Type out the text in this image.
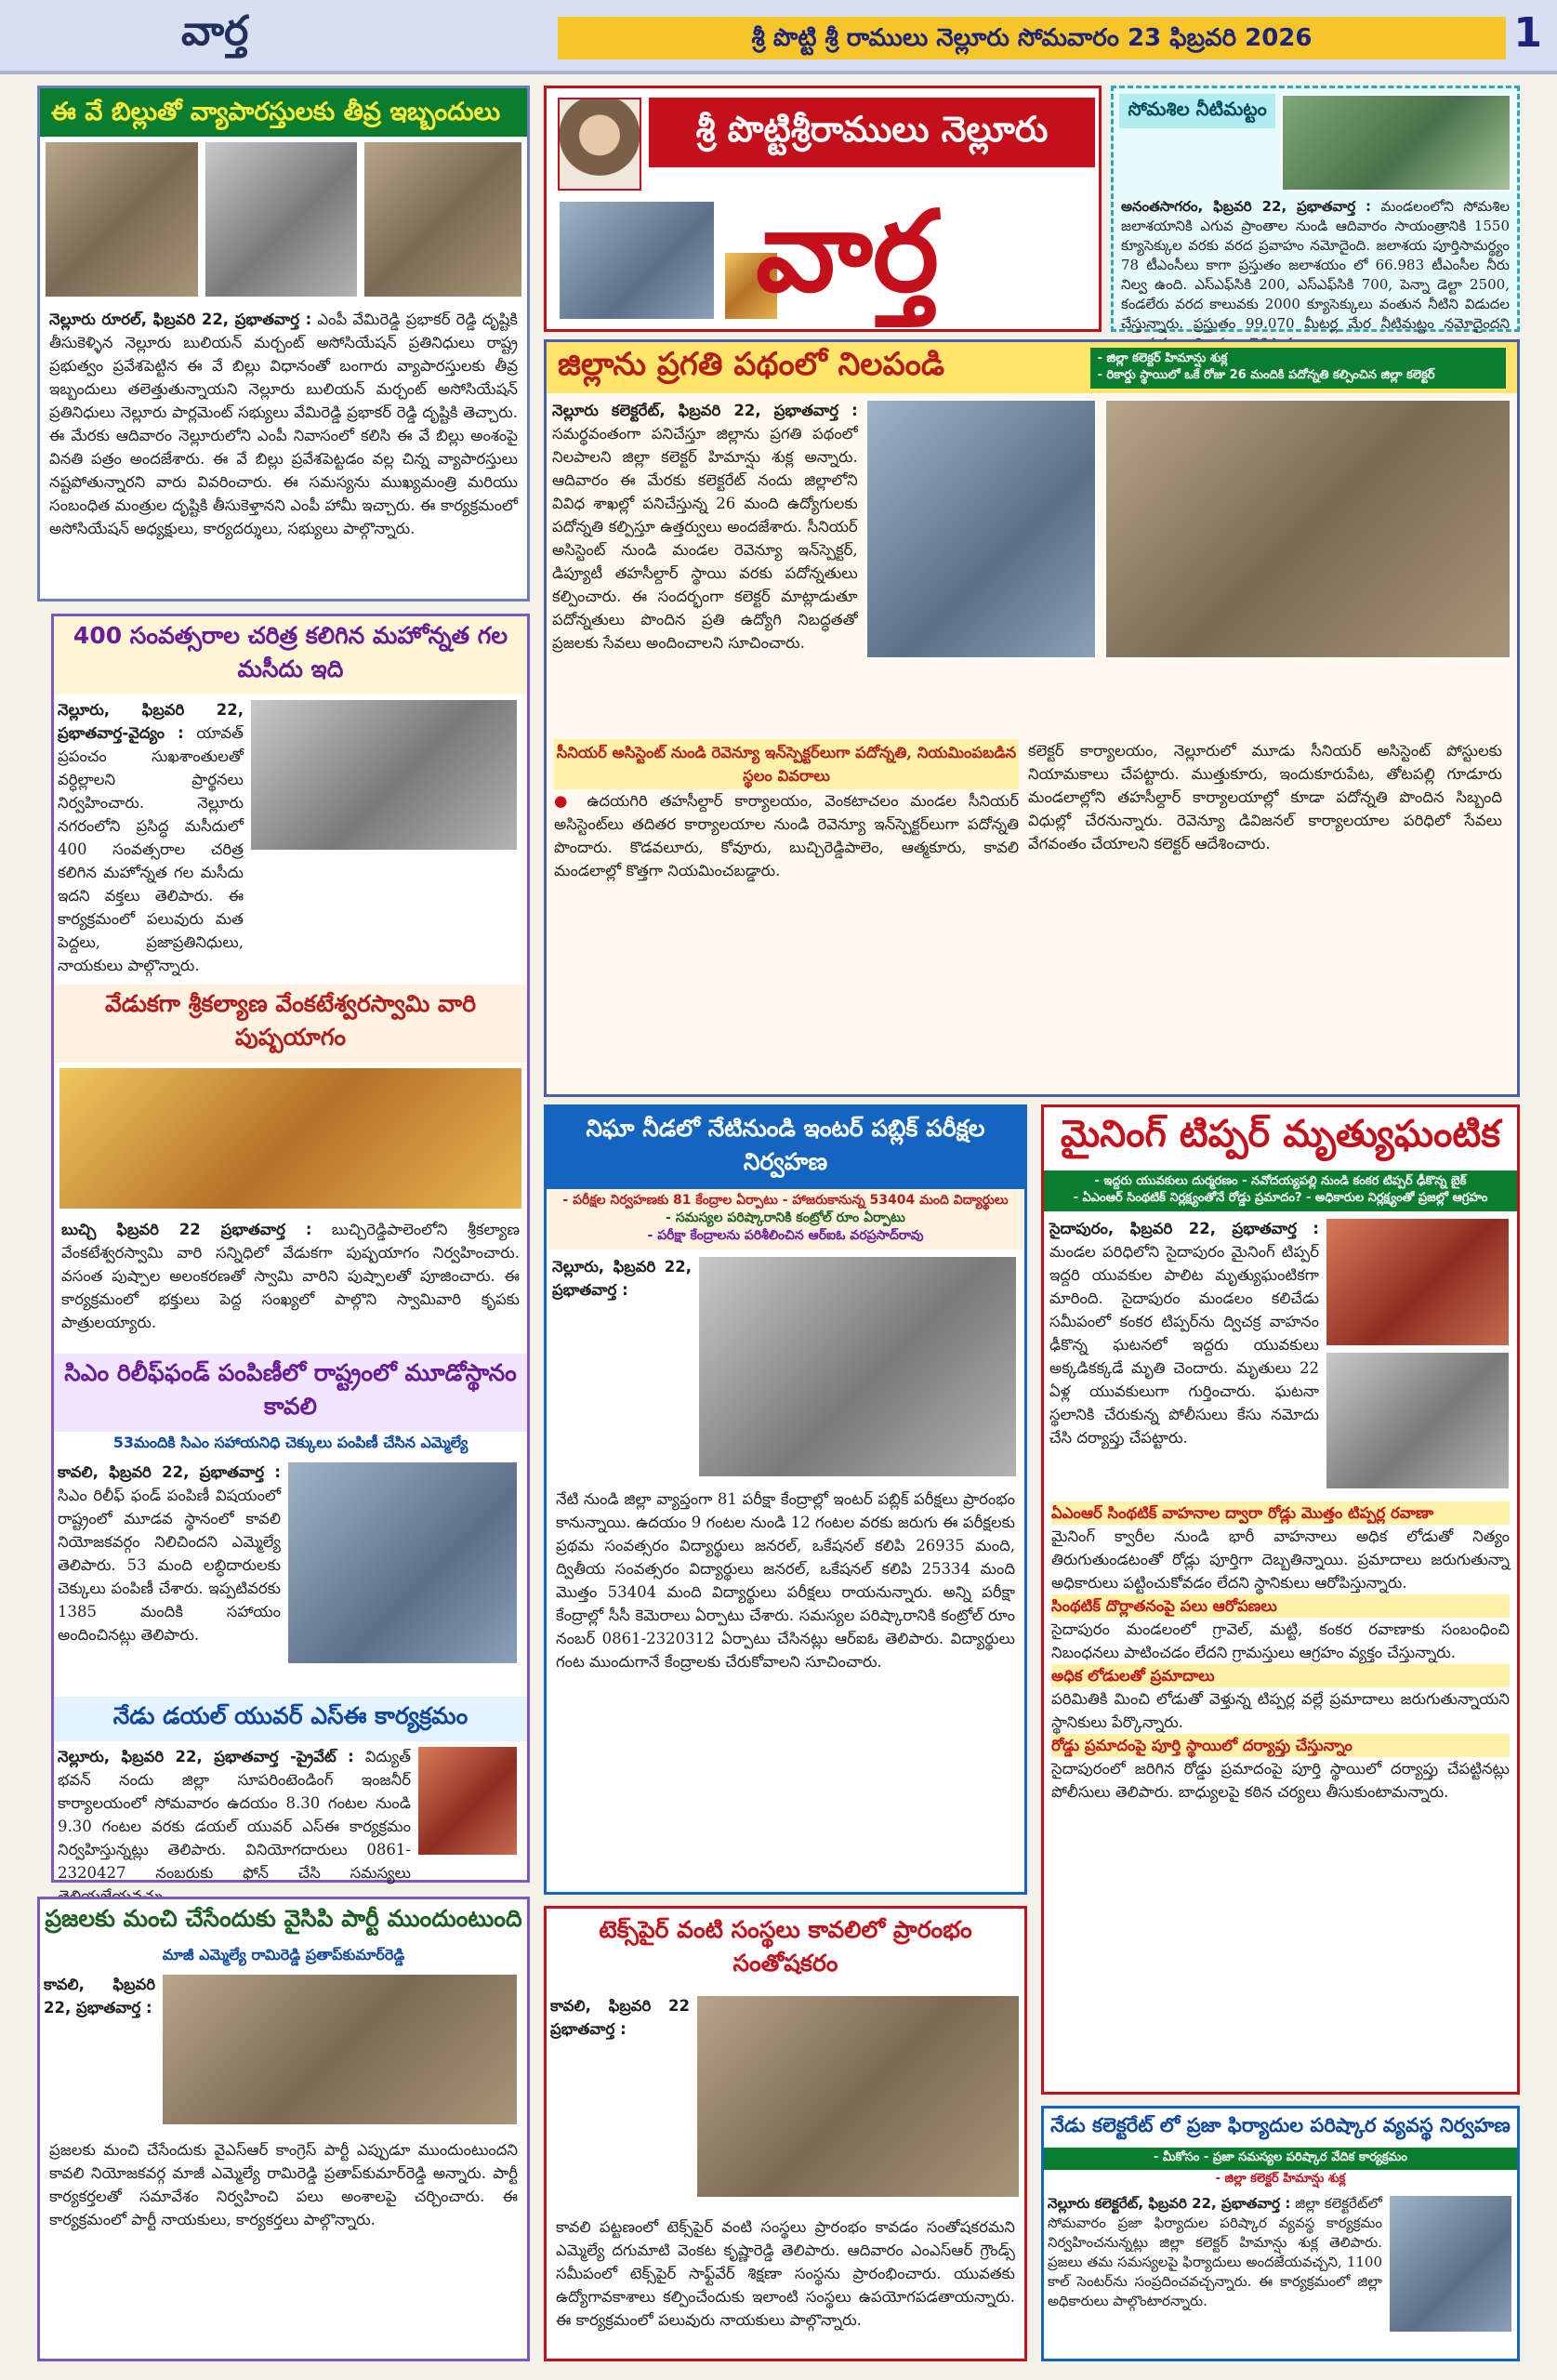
వార్త	శ్రీ పొట్టి శ్రీ రాములు నెల్లూరు సోమవారం 23 ఫిబ్రవరి 2026	1
ఈ వే బిల్లుతో వ్యాపారస్తులకు తీవ్ర ఇబ్బందులు
నెల్లూరు రూరల్, ఫిబ్రవరి 22, ప్రభాతవార్త : ఎంపీ వేమిరెడ్డి ప్రభాకర్ రెడ్డి దృష్టికి తీసుకెళ్ళిన నెల్లూరు బులియన్ మర్చంట్ అసోసియేషన్ ప్రతినిధులు రాష్ట్ర ప్రభుత్వం ప్రవేశపెట్టిన ఈ వే బిల్లు విధానంతో బంగారు వ్యాపారస్తులకు తీవ్ర ఇబ్బందులు తలెత్తుతున్నాయని నెల్లూరు బులియన్ మర్చంట్ అసోసియేషన్ ప్రతినిధులు నెల్లూరు పార్లమెంట్ సభ్యులు వేమిరెడ్డి ప్రభాకర్ రెడ్డి దృష్టికి తెచ్చారు. ఈ మేరకు ఆదివారం నెల్లూరులోని ఎంపీ నివాసంలో కలిసి ఈ వే బిల్లు అంశంపై వినతి పత్రం అందజేశారు. ఈ వే బిల్లు ప్రవేశపెట్టడం వల్ల చిన్న వ్యాపారస్తులు నష్టపోతున్నారని వారు వివరించారు. ఈ సమస్యను ముఖ్యమంత్రి మరియు సంబంధిత మంత్రుల దృష్టికి తీసుకెళ్తానని ఎంపీ హామీ ఇచ్చారు. ఈ కార్యక్రమంలో అసోసియేషన్ అధ్యక్షులు, కార్యదర్శులు, సభ్యులు పాల్గొన్నారు.
400 సంవత్సరాల చరిత్ర కలిగిన మహోన్నత గల మసీదు ఇది
నెల్లూరు, ఫిబ్రవరి 22, ప్రభాతవార్త-వైద్యం : యావత్ ప్రపంచం సుఖశాంతులతో వర్ధిల్లాలని ప్రార్థనలు నిర్వహించారు. నెల్లూరు నగరంలోని ప్రసిద్ధ మసీదులో 400 సంవత్సరాల చరిత్ర కలిగిన మహోన్నత గల మసీదు ఇదని వక్తలు తెలిపారు. ఈ కార్యక్రమంలో పలువురు మత పెద్దలు, ప్రజాప్రతినిధులు, నాయకులు పాల్గొన్నారు.
వేడుకగా శ్రీకల్యాణ వేంకటేశ్వరస్వామి వారి పుష్పయాగం
బుచ్చి ఫిబ్రవరి 22 ప్రభాతవార్త : బుచ్చిరెడ్డిపాలెంలోని శ్రీకల్యాణ వేంకటేశ్వరస్వామి వారి సన్నిధిలో వేడుకగా పుష్పయాగం నిర్వహించారు. వసంత పుష్పాల అలంకరణతో స్వామి వారిని పుష్పాలతో పూజించారు. ఈ కార్యక్రమంలో భక్తులు పెద్ద సంఖ్యలో పాల్గొని స్వామివారి కృపకు పాత్రులయ్యారు.
సిఎం రిలీఫ్‌ఫండ్ పంపిణీలో రాష్ట్రంలో మూడోస్థానం కావలి
53మందికి సిఎం సహాయనిధి చెక్కులు పంపిణీ చేసిన ఎమ్మెల్యే
కావలి, ఫిబ్రవరి 22, ప్రభాతవార్త : సిఎం రిలీఫ్ ఫండ్ పంపిణీ విషయంలో రాష్ట్రంలో మూడవ స్థానంలో కావలి నియోజకవర్గం నిలిచిందని ఎమ్మెల్యే తెలిపారు. 53 మంది లబ్ధిదారులకు చెక్కులు పంపిణీ చేశారు. ఇప్పటివరకు 1385 మందికి సహాయం అందించినట్లు తెలిపారు.
నేడు డయల్ యువర్ ఎస్ఈ కార్యక్రమం
నెల్లూరు, ఫిబ్రవరి 22, ప్రభాతవార్త -ప్రైవేట్ : విద్యుత్ భవన్ నందు జిల్లా సూపరింటెండింగ్ ఇంజనీర్ కార్యాలయంలో సోమవారం ఉదయం 8.30 గంటల నుండి 9.30 గంటల వరకు డయల్ యువర్ ఎస్ఈ కార్యక్రమం నిర్వహిస్తున్నట్లు తెలిపారు. వినియోగదారులు 0861-2320427 నంబరుకు ఫోన్ చేసి సమస్యలు
ప్రజలకు మంచి చేసేందుకు వైసిపి పార్టీ ముందుంటుంది
మాజీ ఎమ్మెల్యే రామిరెడ్డి ప్రతాప్‌కుమార్‌రెడ్డి
కావలి, ఫిబ్రవరి 22, ప్రభాతవార్త :
ప్రజలకు మంచి చేసేందుకు వైఎస్ఆర్ కాంగ్రెస్ పార్టీ ఎప్పుడూ ముందుంటుందని కావలి నియోజకవర్గ మాజీ ఎమ్మెల్యే రామిరెడ్డి ప్రతాప్‌కుమార్‌రెడ్డి అన్నారు. పార్టీ కార్యకర్తలతో సమావేశం నిర్వహించి పలు అంశాలపై చర్చించారు. ఈ కార్యక్రమంలో పార్టీ నాయకులు, కార్యకర్తలు పాల్గొన్నారు.
శ్రీ పొట్టిశ్రీరాములు నెల్లూరు
వార్త
సోమశిల నీటిమట్టం
అనంతసాగరం, ఫిబ్రవరి 22, ప్రభాతవార్త : మండలంలోని సోమశిల జలాశయానికి ఎగువ ప్రాంతాల నుండి ఆదివారం సాయంత్రానికి 1550 క్యూసెక్కుల వరకు వరద ప్రవాహం నమోదైంది. జలాశయ పూర్తిసామర్థ్యం 78 టీఎంసీలు కాగా ప్రస్తుతం జలాశయం లో 66.983 టీఎంసీల నీరు నిల్వ ఉంది. ఎస్‌ఎఫ్‌సికి 200, ఎస్‌ఎఫ్‌సికి 700, పెన్నా డెల్టా 2500, కండలేరు వరద కాలువకు 2000 క్యూసెక్కులు వంతున నీటిని విడుదల చేస్తున్నారు. ప్రస్తుతం 99.070 మీటర్ల మేర నీటిమట్టం నమోదైందని
జిల్లాను ప్రగతి పథంలో నిలపండి	- జిల్లా కలెక్టర్ హిమాన్షు శుక్ల
- రికార్డు స్థాయిలో ఒకే రోజు 26 మందికి పదోన్నతి కల్పించిన జిల్లా కలెక్టర్
నెల్లూరు కలెక్టరేట్, ఫిబ్రవరి 22, ప్రభాతవార్త : సమర్థవంతంగా పనిచేస్తూ జిల్లాను ప్రగతి పథంలో నిలపాలని జిల్లా కలెక్టర్ హిమాన్షు శుక్ల అన్నారు. ఆదివారం ఈ మేరకు కలెక్టరేట్ నందు జిల్లాలోని వివిధ శాఖల్లో పనిచేస్తున్న 26 మంది ఉద్యోగులకు పదోన్నతి కల్పిస్తూ ఉత్తర్వులు అందజేశారు. సీనియర్ అసిస్టెంట్ నుండి మండల రెవెన్యూ ఇన్‌స్పెక్టర్, డిప్యూటీ తహసీల్దార్ స్థాయి వరకు పదోన్నతులు కల్పించారు. ఈ సందర్భంగా కలెక్టర్ మాట్లాడుతూ పదోన్నతులు పొందిన ప్రతి ఉద్యోగి నిబద్ధతతో ప్రజలకు సేవలు అందించాలని సూచించారు.
సీనియర్ అసిస్టెంట్ నుండి రెవెన్యూ ఇన్‌స్పెక్టర్‌లుగా పదోన్నతి, నియమింపబడిన స్థలం వివరాలు
● ఉదయగిరి తహసీల్దార్ కార్యాలయం, వెంకటాచలం మండల సీనియర్ అసిస్టెంట్‌లు తదితర కార్యాలయాల నుండి రెవెన్యూ ఇన్‌స్పెక్టర్‌లుగా పదోన్నతి పొందారు. కొడవలూరు, కోవూరు, బుచ్చిరెడ్డిపాలెం, ఆత్మకూరు, కావలి మండలాల్లో కొత్తగా నియమించబడ్డారు.
కలెక్టర్ కార్యాలయం, నెల్లూరులో మూడు సీనియర్ అసిస్టెంట్ పోస్టులకు నియామకాలు చేపట్టారు. ముత్తుకూరు, ఇందుకూరుపేట, తోటపల్లి గూడూరు మండలాల్లోని తహసీల్దార్ కార్యాలయాల్లో కూడా పదోన్నతి పొందిన సిబ్బంది విధుల్లో చేరనున్నారు. రెవెన్యూ డివిజనల్ కార్యాలయాల పరిధిలో సేవలు వేగవంతం చేయాలని కలెక్టర్ ఆదేశించారు.
నిఘా నీడలో నేటినుండి ఇంటర్ పబ్లిక్ పరీక్షల నిర్వహణ
- పరీక్షల నిర్వహణకు 81 కేంద్రాల ఏర్పాటు - హాజరుకానున్న 53404 మంది విద్యార్థులు
- సమస్యల పరిష్కారానికి కంట్రోల్ రూం ఏర్పాటు
- పరీక్షా కేంద్రాలను పరిశీలించిన ఆర్‌ఐఓ వరప్రసాద్‌రావు
నెల్లూరు, ఫిబ్రవరి 22, ప్రభాతవార్త :
నేటి నుండి జిల్లా వ్యాప్తంగా 81 పరీక్షా కేంద్రాల్లో ఇంటర్ పబ్లిక్ పరీక్షలు ప్రారంభం కానున్నాయి. ఉదయం 9 గంటల నుండి 12 గంటల వరకు జరుగు ఈ పరీక్షలకు ప్రథమ సంవత్సరం విద్యార్థులు జనరల్, ఒకేషనల్ కలిపి 26935 మంది, ద్వితీయ సంవత్సరం విద్యార్థులు జనరల్, ఒకేషనల్ కలిపి 25334 మంది మొత్తం 53404 మంది విద్యార్థులు పరీక్షలు రాయనున్నారు. అన్ని పరీక్షా కేంద్రాల్లో సీసీ కెమెరాలు ఏర్పాటు చేశారు. సమస్యల పరిష్కారానికి కంట్రోల్ రూం నంబర్ 0861-2320312 ఏర్పాటు చేసినట్లు ఆర్‌ఐఓ తెలిపారు. విద్యార్థులు గంట ముందుగానే కేంద్రాలకు చేరుకోవాలని సూచించారు.
మైనింగ్ టిప్పర్ మృత్యుఘంటిక
- ఇద్దరు యువకులు దుర్మరణం - నవోదయ్యపల్లి నుండి కంకర టిప్పర్ ఢీకొన్న బైక్
- ఏఎంఆర్ సింథటిక్ నిర్లక్ష్యంతోనే రోడ్డు ప్రమాదం? - అధికారుల నిర్లక్ష్యంతో ప్రజల్లో ఆగ్రహం
సైదాపురం, ఫిబ్రవరి 22, ప్రభాతవార్త : మండల పరిధిలోని సైదాపురం మైనింగ్ టిప్పర్ ఇద్దరి యువకుల పాలిట మృత్యుఘంటికగా మారింది. సైదాపురం మండలం కలిచేడు సమీపంలో కంకర టిప్పర్‌ను ద్విచక్ర వాహనం ఢీకొన్న ఘటనలో ఇద్దరు యువకులు అక్కడికక్కడే మృతి చెందారు. మృతులు 22 ఏళ్ల యువకులుగా గుర్తించారు. ఘటనా స్థలానికి చేరుకున్న పోలీసులు కేసు నమోదు చేసి దర్యాప్తు చేపట్టారు.
ఏఎంఆర్ సింథటిక్ వాహనాల ద్వారా రోడ్లు మొత్తం టిప్పర్ల రవాణా
మైనింగ్ క్వారీల నుండి భారీ వాహనాలు అధిక లోడుతో నిత్యం తిరుగుతుండటంతో రోడ్లు పూర్తిగా దెబ్బతిన్నాయి. ప్రమాదాలు జరుగుతున్నా అధికారులు పట్టించుకోవడం లేదని స్థానికులు ఆరోపిస్తున్నారు.
సింథటిక్ దొర్లాతనంపై పలు ఆరోపణలు
సైదాపురం మండలంలో గ్రావెల్, మట్టి, కంకర రవాణాకు సంబంధించి నిబంధనలు పాటించడం లేదని గ్రామస్తులు ఆగ్రహం వ్యక్తం చేస్తున్నారు.
అధిక లోడులతో ప్రమాదాలు
పరిమితికి మించి లోడుతో వెళ్తున్న టిప్పర్ల వల్లే ప్రమాదాలు జరుగుతున్నాయని స్థానికులు పేర్కొన్నారు.
రోడ్డు ప్రమాదంపై పూర్తి స్థాయిలో దర్యాప్తు చేస్తున్నాం
సైదాపురంలో జరిగిన రోడ్డు ప్రమాదంపై పూర్తి స్థాయిలో దర్యాప్తు చేపట్టినట్లు పోలీసులు తెలిపారు. బాధ్యులపై కఠిన చర్యలు తీసుకుంటామన్నారు.
టెక్స్‌పైర్ వంటి సంస్థలు కావలిలో ప్రారంభం సంతోషకరం
కావలి, ఫిబ్రవరి 22 ప్రభాతవార్త :
కావలి పట్టణంలో టెక్స్‌పైర్ వంటి సంస్థలు ప్రారంభం కావడం సంతోషకరమని ఎమ్మెల్యే దగుమాటి వెంకట కృష్ణారెడ్డి తెలిపారు. ఆదివారం ఎంఎస్ఆర్ గ్రౌండ్స్ సమీపంలో టెక్స్‌పైర్ సాఫ్ట్‌వేర్ శిక్షణా సంస్థను ప్రారంభించారు. యువతకు ఉద్యోగావకాశాలు కల్పించేందుకు ఇలాంటి సంస్థలు ఉపయోగపడతాయన్నారు. ఈ కార్యక్రమంలో పలువురు నాయకులు పాల్గొన్నారు.
నేడు కలెక్టరేట్ లో ప్రజా ఫిర్యాదుల పరిష్కార వ్యవస్థ నిర్వహణ
- మీకోసం - ప్రజా సమస్యల పరిష్కార వేదిక కార్యక్రమం
- జిల్లా కలెక్టర్ హిమాన్షు శుక్ల
నెల్లూరు కలెక్టరేట్, ఫిబ్రవరి 22, ప్రభాతవార్త : జిల్లా కలెక్టరేట్‌లో సోమవారం ప్రజా ఫిర్యాదుల పరిష్కార వ్యవస్థ కార్యక్రమం నిర్వహించనున్నట్లు జిల్లా కలెక్టర్ హిమాన్షు శుక్ల తెలిపారు. ప్రజలు తమ సమస్యలపై ఫిర్యాదులు అందజేయవచ్చని, 1100 కాల్ సెంటర్‌ను సంప్రదించవచ్చన్నారు. ఈ కార్యక్రమంలో జిల్లా అధికారులు పాల్గొంటారన్నారు.
